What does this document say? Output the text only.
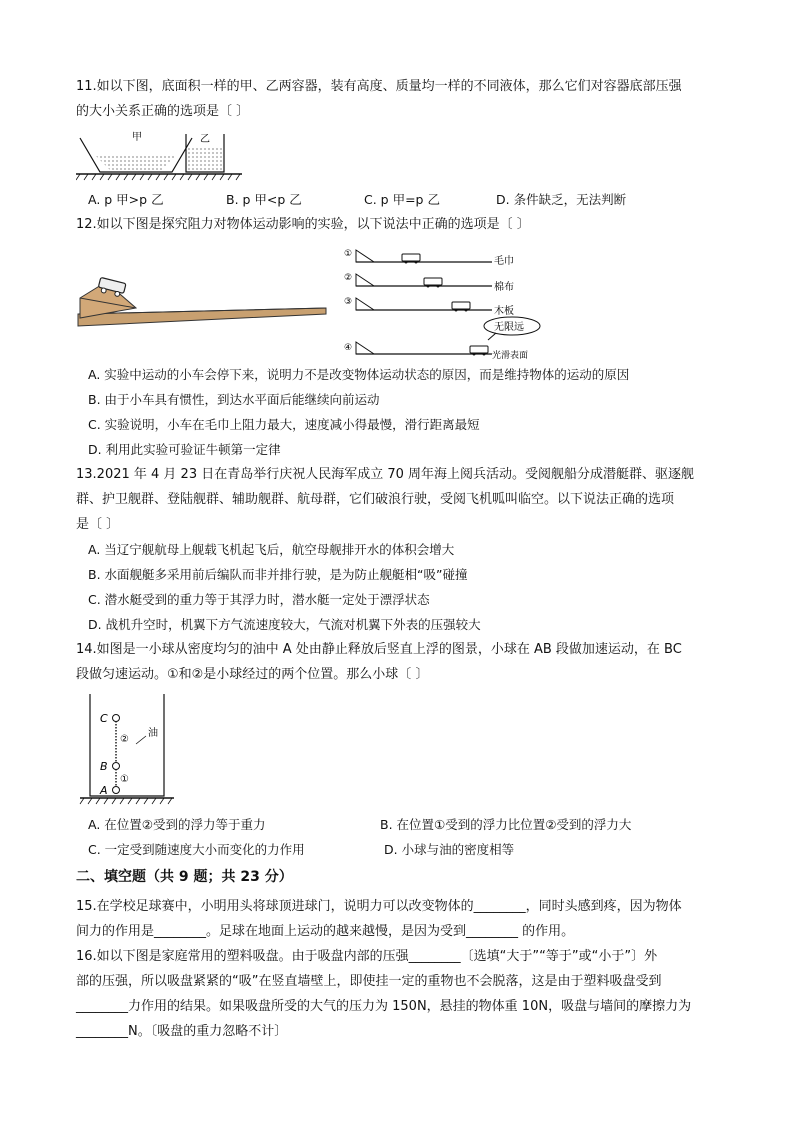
11.如以下图，底面积一样的甲、乙两容器，装有高度、质量均一样的不同液体，那么它们对容器底部压强
的大小关系正确的选项是〔 〕
甲	乙
A. p 甲>p 乙	B. p 甲<p 乙	C. p 甲=p 乙	D. 条件缺乏，无法判断
12.如以下图是探究阻力对物体运动影响的实验，以下说法中正确的选项是〔 〕
①
毛巾
②
棉布
③
木板
无限远
④
光滑表面
A. 实验中运动的小车会停下来，说明力不是改变物体运动状态的原因，而是维持物体的运动的原因
B. 由于小车具有惯性，到达水平面后能继续向前运动
C. 实验说明，小车在毛巾上阻力最大，速度减小得最慢，滑行距离最短
D. 利用此实验可验证牛顿第一定律
13.2021 年 4 月 23 日在青岛举行庆祝人民海军成立 70 周年海上阅兵活动。受阅舰船分成潜艇群、驱逐舰
群、护卫舰群、登陆舰群、辅助舰群、航母群，它们破浪行驶，受阅飞机呱叫临空。以下说法正确的选项
是〔 〕
A. 当辽宁舰航母上舰载飞机起飞后，航空母舰排开水的体积会增大
B. 水面舰艇多采用前后编队而非并排行驶，是为防止舰艇相“吸”碰撞
C. 潜水艇受到的重力等于其浮力时，潜水艇一定处于漂浮状态
D. 战机升空时，机翼下方气流速度较大，气流对机翼下外表的压强较大
14.如图是一小球从密度均匀的油中 A 处由静止释放后竖直上浮的图景，小球在 AB 段做加速运动，在 BC
段做匀速运动。①和②是小球经过的两个位置。那么小球〔 〕
C
B
A
②
①
油
A. 在位置②受到的浮力等于重力	B. 在位置①受到的浮力比位置②受到的浮力大
C. 一定受到随速度大小而变化的力作用	D. 小球与油的密度相等
二、填空题（共 9 题；共 23 分）
15.在学校足球赛中，小明用头将球顶进球门，说明力可以改变物体的________，同时头感到疼，因为物体
间力的作用是________。足球在地面上运动的越来越慢，是因为受到________ 的作用。
16.如以下图是家庭常用的塑料吸盘。由于吸盘内部的压强________〔选填“大于”“等于”或“小于”〕外
部的压强，所以吸盘紧紧的“吸”在竖直墙壁上，即使挂一定的重物也不会脱落，这是由于塑料吸盘受到
________力作用的结果。如果吸盘所受的大气的压力为 150N，悬挂的物体重 10N，吸盘与墙间的摩擦力为
________N。〔吸盘的重力忽略不计〕
